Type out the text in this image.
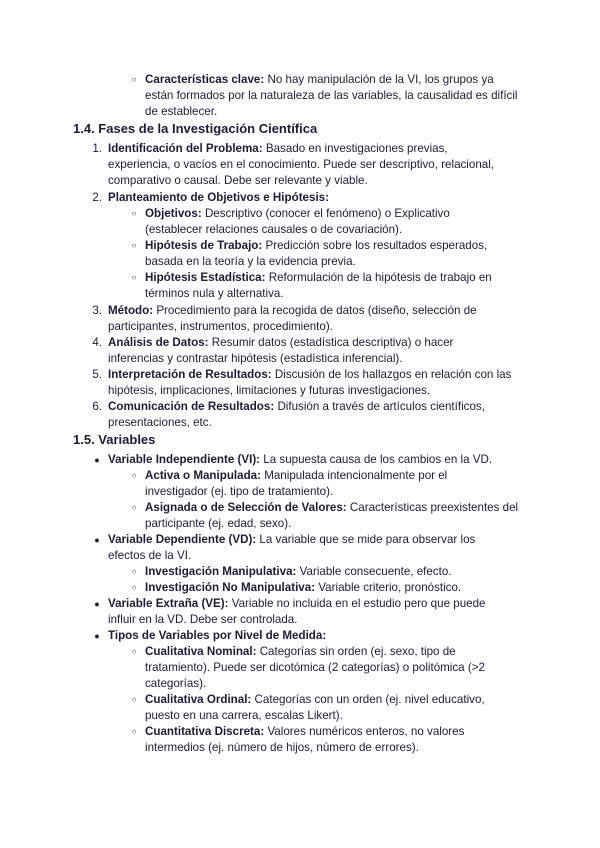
○ Características clave: No hay manipulación de la VI, los grupos ya están formados por la naturaleza de las variables, la causalidad es difícil de establecer.
1.4. Fases de la Investigación Científica
1. Identificación del Problema: Basado en investigaciones previas, experiencia, o vacíos en el conocimiento. Puede ser descriptivo, relacional, comparativo o causal. Debe ser relevante y viable.
2. Planteamiento de Objetivos e Hipótesis:
○ Objetivos: Descriptivo (conocer el fenómeno) o Explicativo (establecer relaciones causales o de covariación).
○ Hipótesis de Trabajo: Predicción sobre los resultados esperados, basada en la teoría y la evidencia previa.
○ Hipótesis Estadística: Reformulación de la hipótesis de trabajo en términos nula y alternativa.
3. Método: Procedimiento para la recogida de datos (diseño, selección de participantes, instrumentos, procedimiento).
4. Análisis de Datos: Resumir datos (estadística descriptiva) o hacer inferencias y contrastar hipótesis (estadística inferencial).
5. Interpretación de Resultados: Discusión de los hallazgos en relación con las hipótesis, implicaciones, limitaciones y futuras investigaciones.
6. Comunicación de Resultados: Difusión a través de artículos científicos, presentaciones, etc.
1.5. Variables
● Variable Independiente (VI): La supuesta causa de los cambios en la VD.
○ Activa o Manipulada: Manipulada intencionalmente por el investigador (ej. tipo de tratamiento).
○ Asignada o de Selección de Valores: Características preexistentes del participante (ej. edad, sexo).
● Variable Dependiente (VD): La variable que se mide para observar los efectos de la VI.
○ Investigación Manipulativa: Variable consecuente, efecto.
○ Investigación No Manipulativa: Variable criterio, pronóstico.
● Variable Extraña (VE): Variable no incluida en el estudio pero que puede influir en la VD. Debe ser controlada.
● Tipos de Variables por Nivel de Medida:
○ Cualitativa Nominal: Categorías sin orden (ej. sexo, tipo de tratamiento). Puede ser dicotómica (2 categorías) o politómica (>2 categorías).
○ Cualitativa Ordinal: Categorías con un orden (ej. nivel educativo, puesto en una carrera, escalas Likert).
○ Cuantitativa Discreta: Valores numéricos enteros, no valores intermedios (ej. número de hijos, número de errores).
